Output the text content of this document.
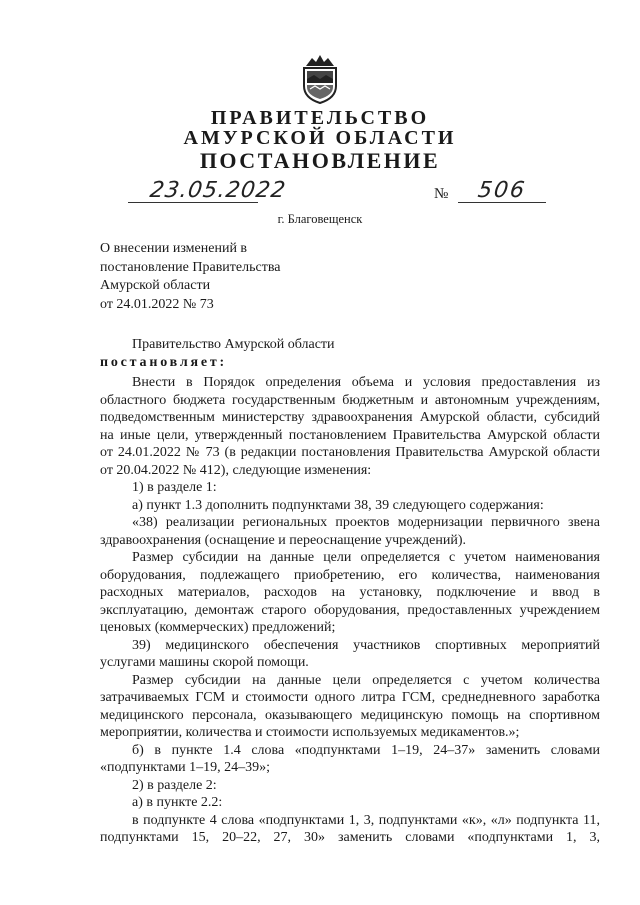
ПРАВИТЕЛЬСТВО
АМУРСКОЙ ОБЛАСТИ
ПОСТАНОВЛЕНИЕ
23.05.2022	№ 506
г. Благовещенск
О внесении изменений в
постановление Правительства
Амурской области
от 24.01.2022 № 73
Правительство Амурской области
постановляет:

Внести в Порядок определения объема и условия предоставления из

областного бюджета государственным бюджетным и автономным учреждениям,

подведомственным министерству здравоохранения Амурской области, субсидий

на иные цели, утвержденный постановлением Правительства Амурской области

от 24.01.2022 № 73 (в редакции постановления Правительства Амурской области

от 20.04.2022 № 412), следующие изменения:

1) в разделе 1:

а) пункт 1.3 дополнить подпунктами 38, 39 следующего содержания:

«38) реализации региональных проектов модернизации первичного звена

здравоохранения (оснащение и переоснащение учреждений).

Размер субсидии на данные цели определяется с учетом наименования

оборудования, подлежащего приобретению, его количества, наименования

расходных материалов, расходов на установку, подключение и ввод в

эксплуатацию, демонтаж старого оборудования, предоставленных учреждением

ценовых (коммерческих) предложений;

39) медицинского обеспечения участников спортивных мероприятий

услугами машины скорой помощи.

Размер субсидии на данные цели определяется с учетом количества

затрачиваемых ГСМ и стоимости одного литра ГСМ, среднедневного заработка

медицинского персонала, оказывающего медицинскую помощь на спортивном

мероприятии, количества и стоимости используемых медикаментов.»;

б) в пункте 1.4 слова «подпунктами 1–19, 24–37» заменить словами

«подпунктами 1–19, 24–39»;

2) в разделе 2:

а) в пункте 2.2:

в подпункте 4 слова «подпунктами 1, 3, подпунктами «к», «л» подпункта 11,

подпунктами 15, 20–22, 27, 30» заменить словами «подпунктами 1, 3,
